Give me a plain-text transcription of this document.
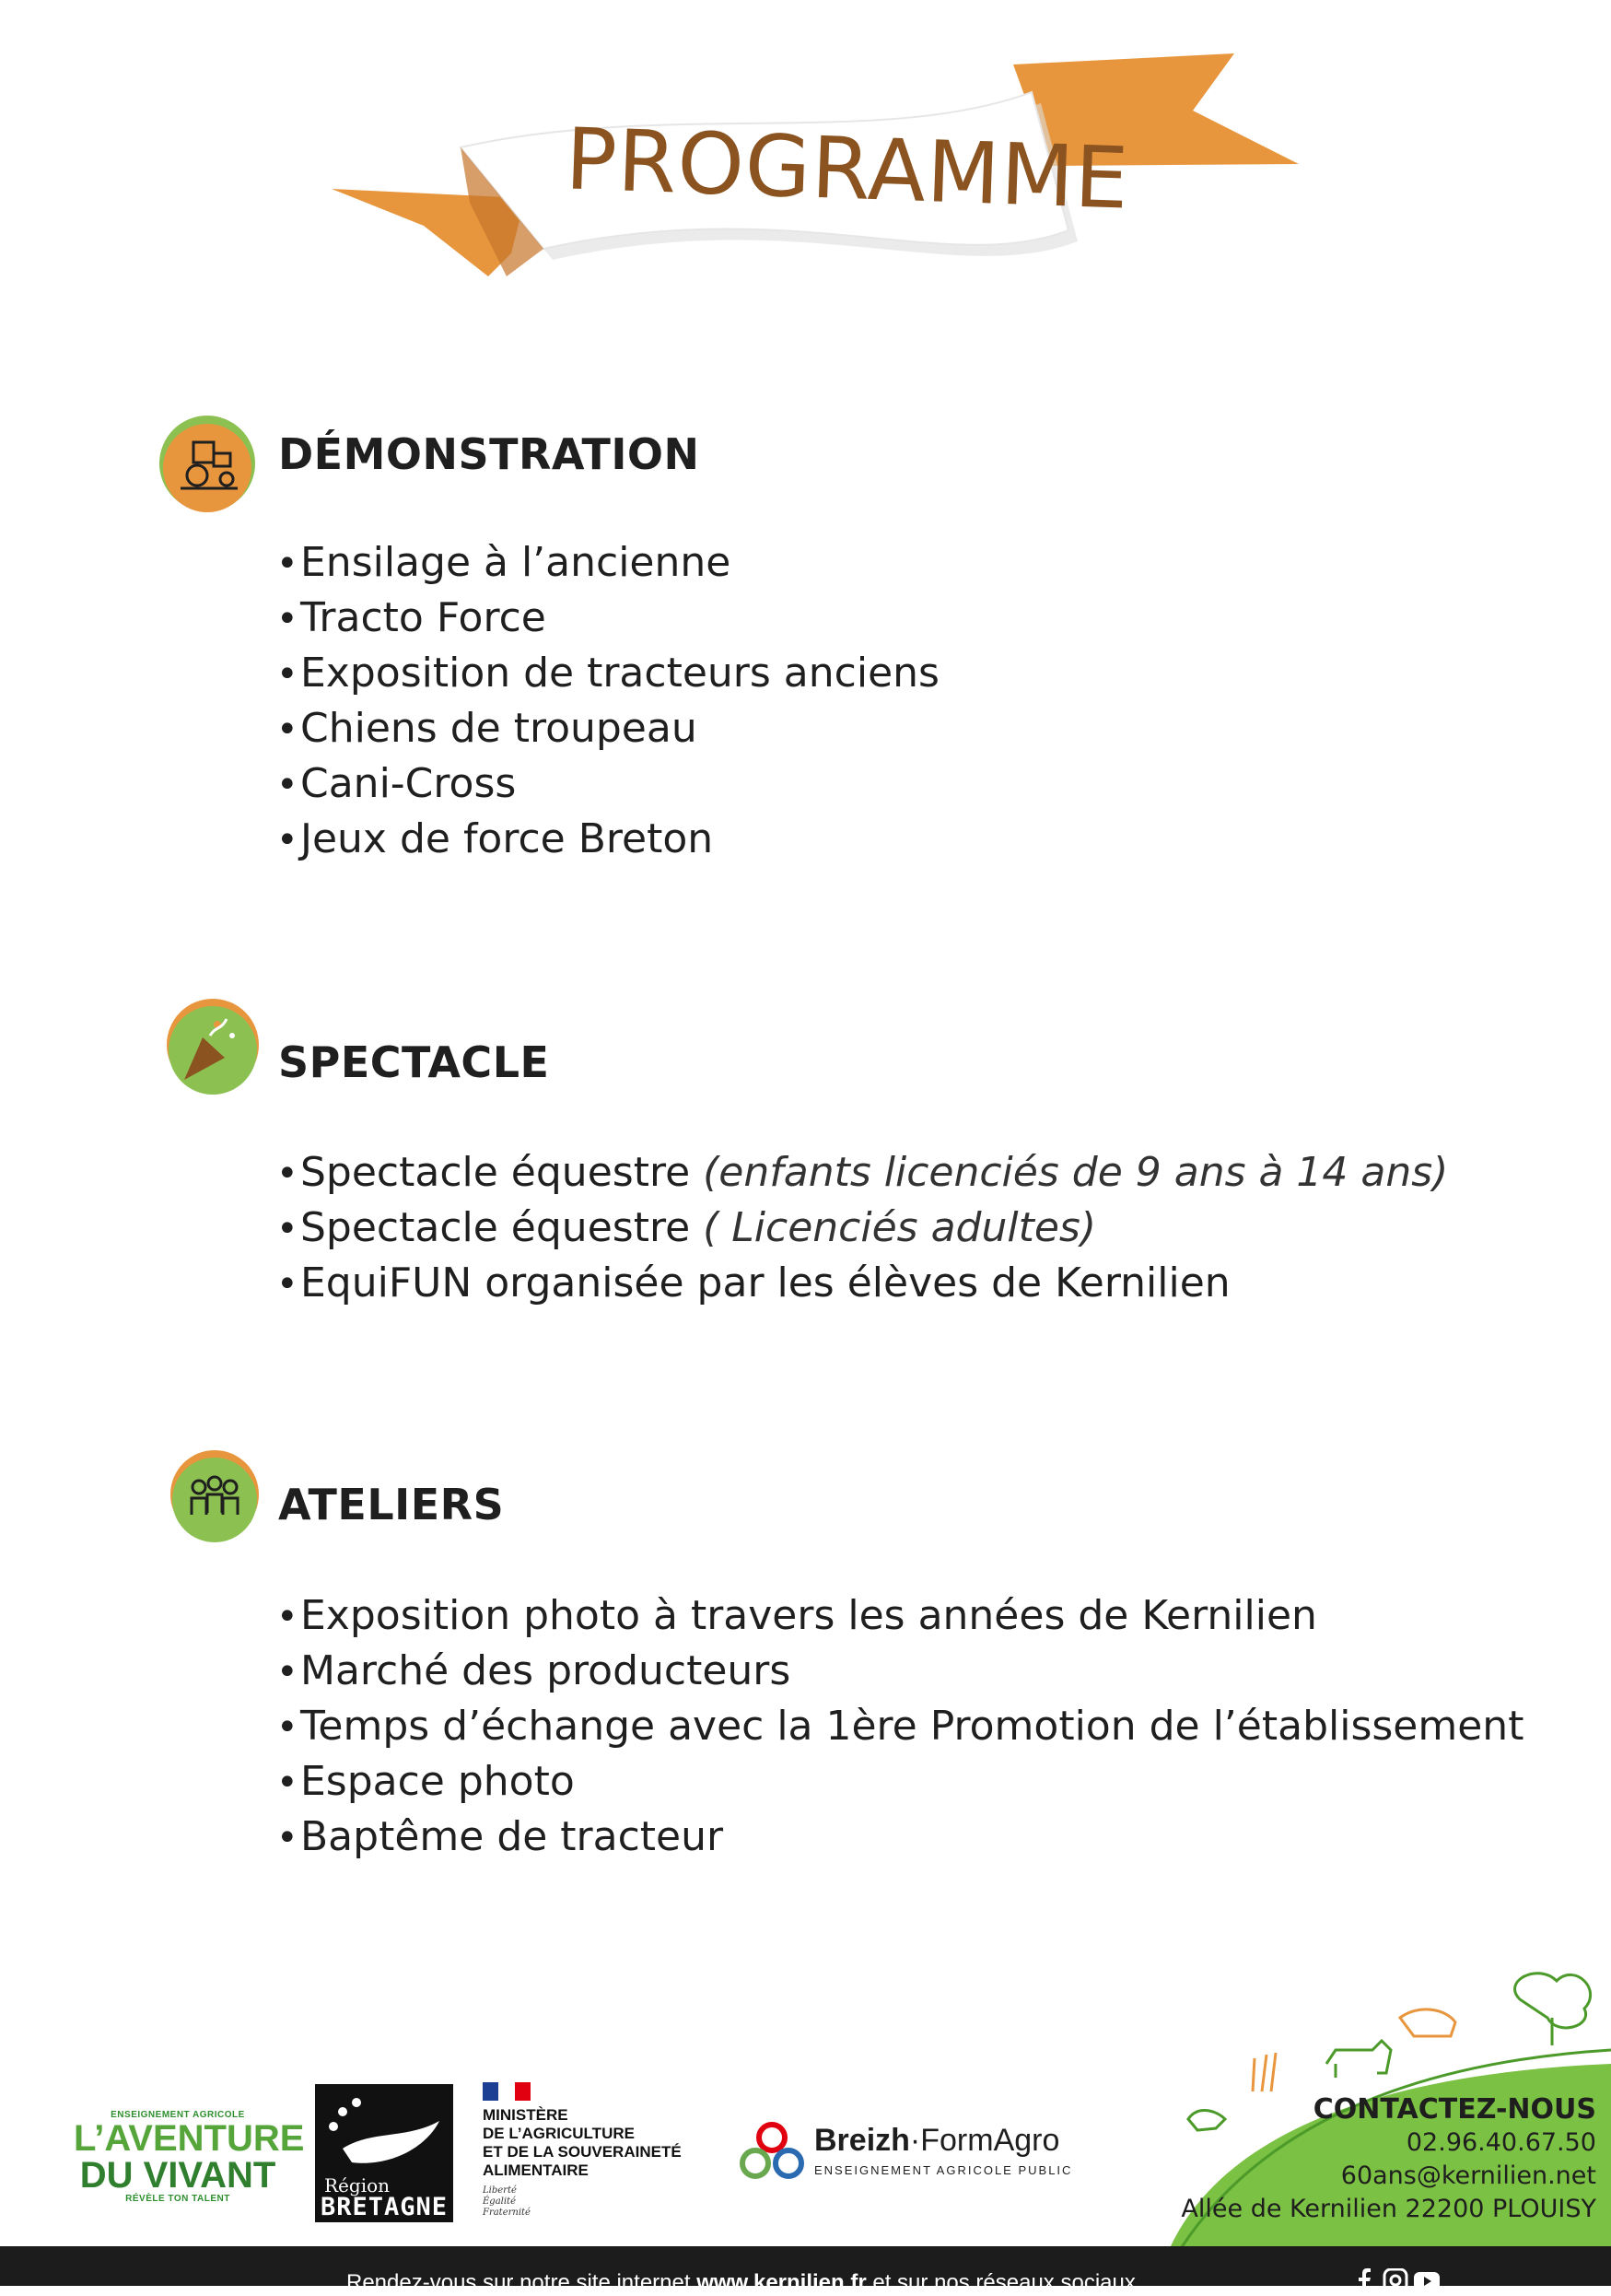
PROGRAMME
DÉMONSTRATION
•Ensilage à l’ancienne
•Tracto Force
•Exposition de tracteurs anciens
•Chiens de troupeau
•Cani-Cross
•Jeux de force Breton
SPECTACLE
•Spectacle équestre (enfants licenciés de 9 ans à 14 ans)
•Spectacle équestre ( Licenciés adultes)
•EquiFUN organisée par les élèves de Kernilien
ATELIERS
•Exposition photo à travers les années de Kernilien
•Marché des producteurs
•Temps d’échange avec la 1ère Promotion de l’établissement
•Espace photo
•Baptême de tracteur
CONTACTEZ-NOUS
02.96.40.67.50
60ans@kernilien.net
Allée de Kernilien 22200 PLOUISY
ENSEIGNEMENT AGRICOLE
L’AVENTURE
DU VIVANT
RÉVÈLE TON TALENT
Région
BRETAGNE
MINISTÈRE
DE L’AGRICULTURE
ET DE LA SOUVERAINETÉ
ALIMENTAIRE
Liberté
Égalité
Fraternité
Breizh·FormAgro
ENSEIGNEMENT AGRICOLE PUBLIC
Rendez-vous sur notre site internet www.kernilien.fr et sur nos réseaux sociaux
